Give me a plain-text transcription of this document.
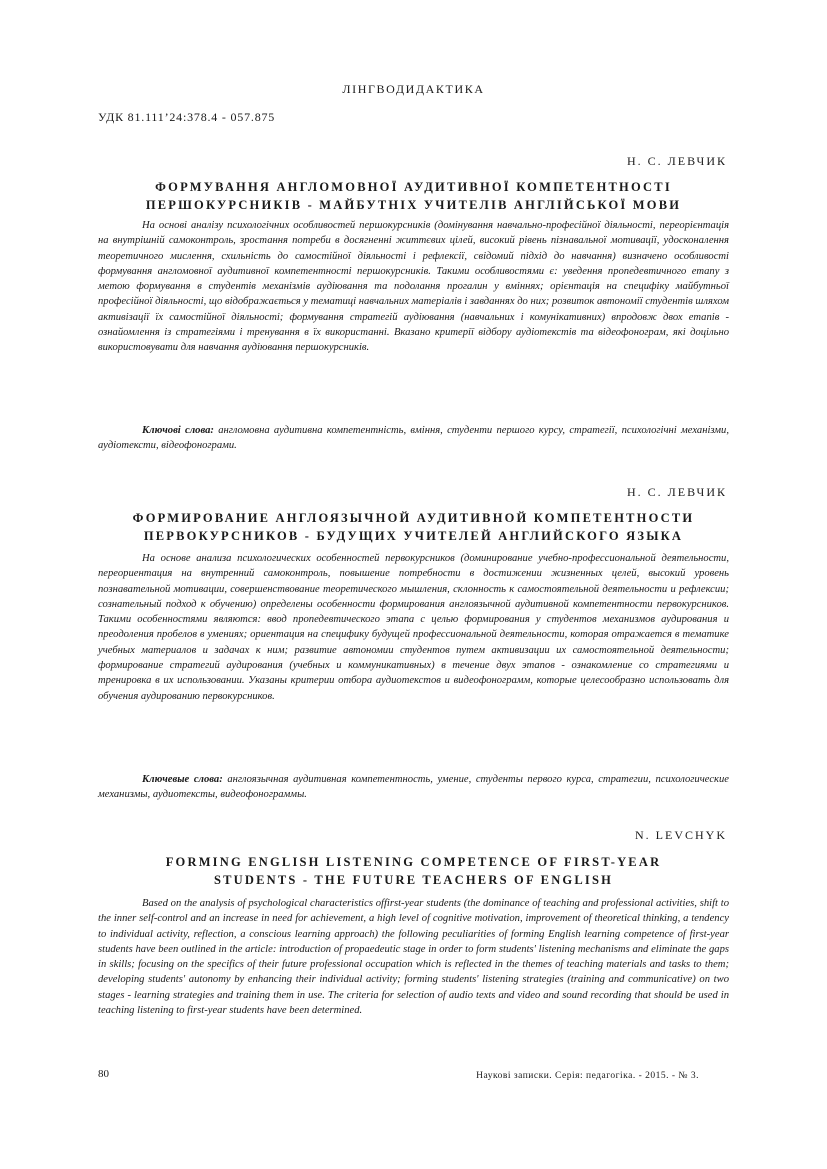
ЛІНГВОДИДАКТИКА
УДК 81.111’24:378.4 - 057.875
Н. С. ЛЕВЧИК
ФОРМУВАННЯ АНГЛОМОВНОЇ АУДИТИВНОЇ КОМПЕТЕНТНОСТІ
ПЕРШОКУРСНИКІВ - МАЙБУТНІХ УЧИТЕЛІВ АНГЛІЙСЬКОЇ МОВИ

На основі аналізу психологічних особливостей першокурсників (домінування навчально-професійної діяльності, переорієнтація на внутрішній самоконтроль, зростання потреби в досягненні життєвих цілей, високий рівень пізнавальної мотивації, удосконалення теоретичного мислення, схильність до самостійної діяльності і рефлексії, свідомий підхід до навчання) визначено особливості формування англомовної аудитивної компетентності першокурсників. Такими особливостями є: уведення пропедевтичного етапу з метою формування в студентів механізмів аудіювання та подолання прогалин у вміннях; орієнтація на специфіку майбутньої професійної діяльності, що відображається у тематиці навчальних матеріалів і завданнях до них; розвиток автономії студентів шляхом активізації їх самостійної діяльності; формування стратегій аудіювання (навчальних і комунікативних) впродовж двох етапів - ознайомлення із стратегіями і тренування в їх використанні. Вказано критерії відбору аудіотекстів та відеофонограм, які доцільно використовувати для навчання аудіювання першокурсників.

Ключові слова: англомовна аудитивна компетентність, вміння, студенти першого курсу, стратегії, психологічні механізми, аудіотексти, відеофонограми.

Н. С. ЛЕВЧИК
ФОРМИРОВАНИЕ АНГЛОЯЗЫЧНОЙ АУДИТИВНОЙ КОМПЕТЕНТНОСТИ
ПЕРВОКУРСНИКОВ - БУДУЩИХ УЧИТЕЛЕЙ АНГЛИЙСКОГО ЯЗЫКА

На основе анализа психологических особенностей первокурсников (доминирование учебно-профессиональной деятельности, переориентация на внутренний самоконтроль, повышение потребности в достижении жизненных целей, высокий уровень познавательной мотивации, совершенствование теоретического мышления, склонность к самостоятельной деятельности и рефлексии; сознательный подход к обучению) определены особенности формирования англоязычной аудитивной компетентности первокурсников. Такими особенностями являются: ввод пропедевтического этапа с целью формирования у студентов механизмов аудирования и преодоления пробелов в умениях; ориентация на специфику будущей профессиональной деятельности, которая отражается в тематике учебных материалов и задачах к ним; развитие автономии студентов путем активизации их самостоятельной деятельности; формирование стратегий аудирования (учебных и коммуникативных) в течение двух этапов - ознакомление со стратегиями и тренировка в их использовании. Указаны критерии отбора аудиотекстов и видеофонограмм, которые целесообразно использовать для обучения аудированию первокурсников.

Ключевые слова: англоязычная аудитивная компетентность, умение, студенты первого курса, стратегии, психологические механизмы, аудиотексты, видеофонограммы.

N. LEVCHYK
FORMING ENGLISH LISTENING COMPETENCE OF FIRST-YEAR
STUDENTS - THE FUTURE TEACHERS OF ENGLISH

Based on the analysis of psychological characteristics offirst-year students (the dominance of teaching and professional activities, shift to the inner self-control and an increase in need for achievement, a high level of cognitive motivation, improvement of theoretical thinking, a tendency to individual activity, reflection, a conscious learning approach) the following peculiarities of forming English learning competence of first-year students have been outlined in the article: introduction of propaedeutic stage in order to form students' listening mechanisms and eliminate the gaps in skills; focusing on the specifics of their future professional occupation which is reflected in the themes of teaching materials and tasks to them; developing students' autonomy by enhancing their individual activity; forming students' listening strategies (training and communicative) on two stages - learning strategies and training them in use. The criteria for selection of audio texts and video and sound recording that should be used in teaching listening to first-year students have been determined.

80	Наукові записки. Серія: педагогіка. - 2015. - № 3.
